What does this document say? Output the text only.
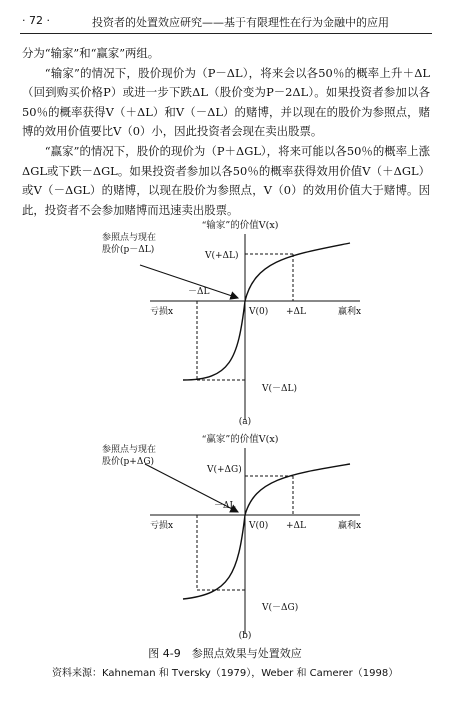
· 72 ·	投资者的处置效应研究——基于有限理性在行为金融中的应用

分为“输家”和“赢家”两组。

“输家”的情况下，股价现价为（P－ΔL），将来会以各50％的概率上升＋ΔL（回到购买价格P）或进一步下跌ΔL（股价变为P－2ΔL）。如果投资者参加以各50％的概率获得V（＋ΔL）和V（－ΔL）的赌博，并以现在的股价为参照点，赌博的效用价值要比V（0）小，因此投资者会现在卖出股票。

“赢家”的情况下，股价的现价为（P＋ΔGL），将来可能以各50％的概率上涨ΔGL或下跌－ΔGL。如果投资者参加以各50％的概率获得效用价值V（＋ΔGL）或V（－ΔGL）的赌博，以现在股价为参照点，V（0）的效用价值大于赌博。因此，投资者不会参加赌博而迅速卖出股票。

“输家”的价值V(x)
参照点与现在
股价(p－ΔL)
V(+ΔL)
－ΔL
亏损x	V(0) +ΔL	赢利x
V(－ΔL)
(a)
“赢家”的价值V(x)
参照点与现在
股价(p+ΔG)
V(+ΔG)
－ΔL
亏损x	V(0) +ΔL	赢利x
V(－ΔG)
(b)
图 4-9　参照点效果与处置效应
资料来源：Kahneman 和 Tversky（1979），Weber 和 Camerer（1998）
